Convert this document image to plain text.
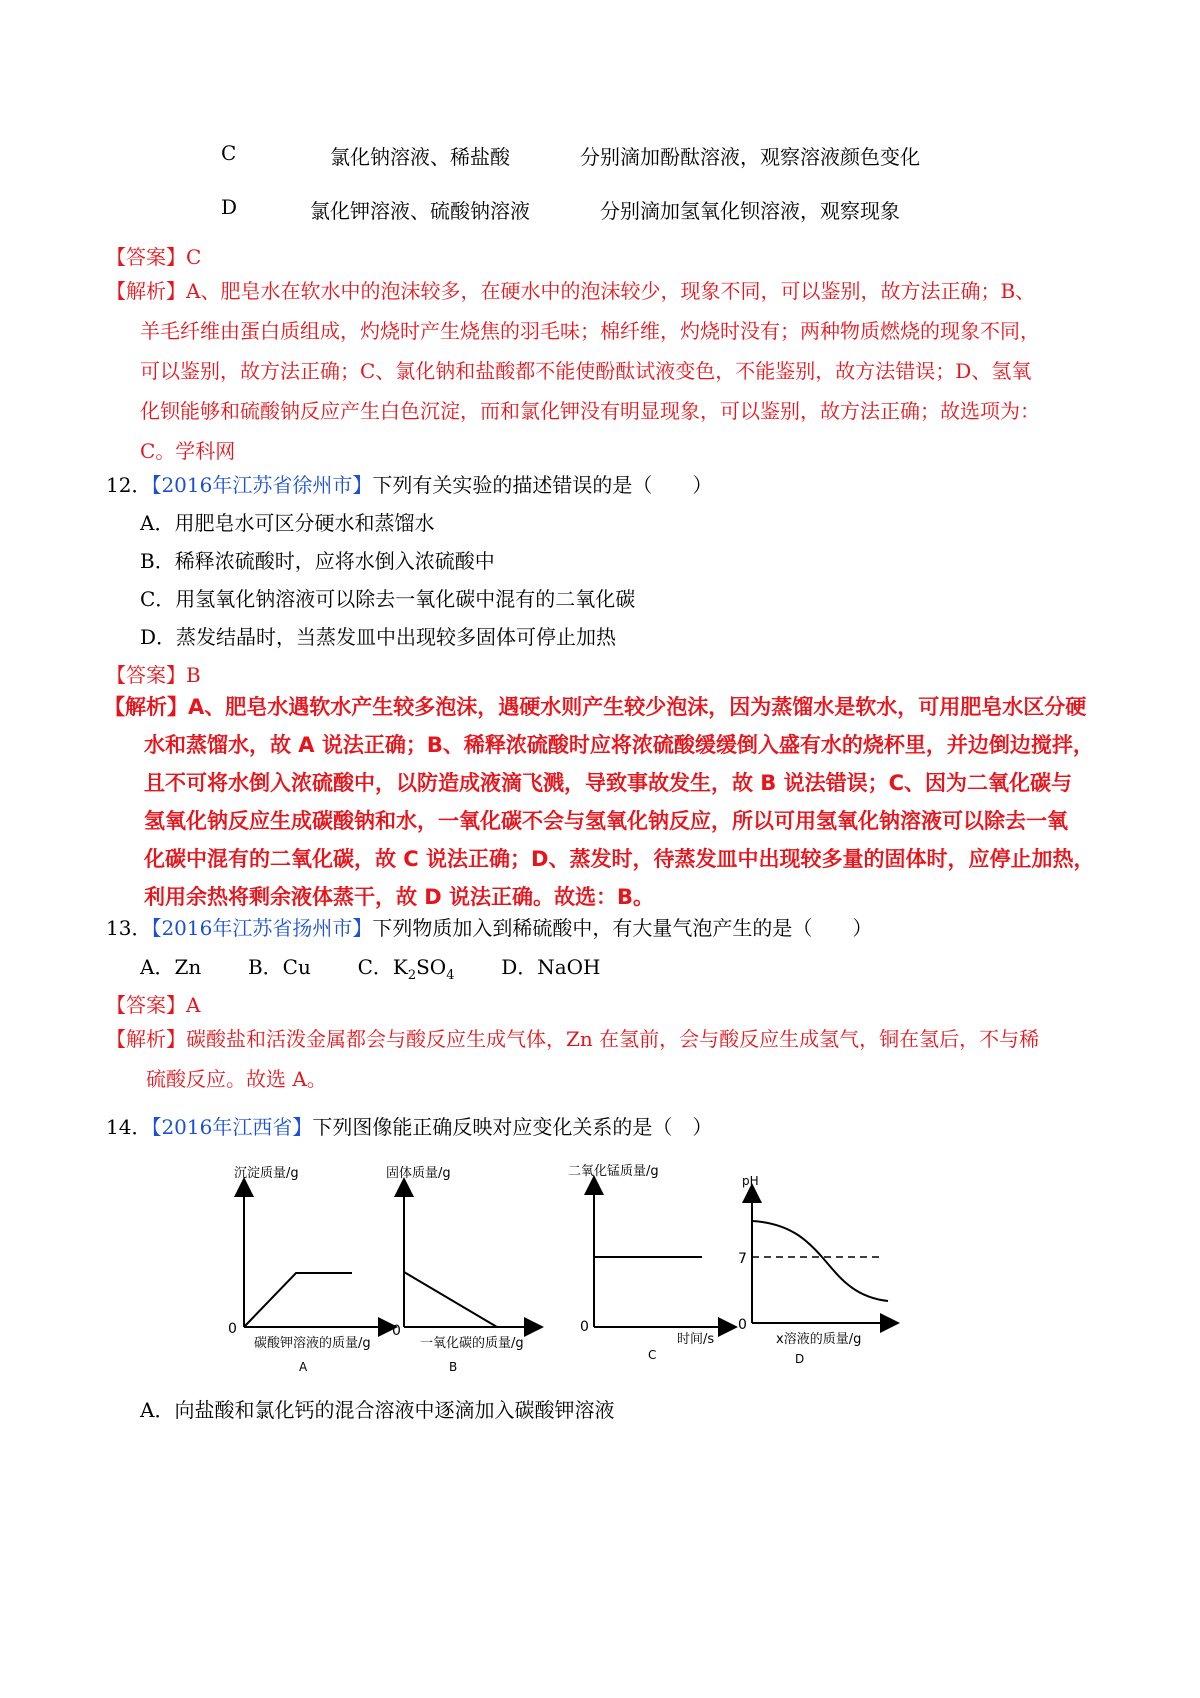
C	氯化钠溶液、稀盐酸	分别滴加酚酞溶液，观察溶液颜色变化
D	氯化钾溶液、硫酸钠溶液	分别滴加氢氧化钡溶液，观察现象
【答案】C
【解析】A、肥皂水在软水中的泡沫较多，在硬水中的泡沫较少，现象不同，可以鉴别，故方法正确；B、
羊毛纤维由蛋白质组成，灼烧时产生烧焦的羽毛味；棉纤维，灼烧时没有；两种物质燃烧的现象不同，
可以鉴别，故方法正确；C、氯化钠和盐酸都不能使酚酞试液变色，不能鉴别，故方法错误；D、氢氧
化钡能够和硫酸钠反应产生白色沉淀，而和氯化钾没有明显现象，可以鉴别，故方法正确；故选项为：
C。学科网
12．【2016年江苏省徐州市】下列有关实验的描述错误的是（　　）
A．用肥皂水可区分硬水和蒸馏水
B．稀释浓硫酸时，应将水倒入浓硫酸中
C．用氢氧化钠溶液可以除去一氧化碳中混有的二氧化碳
D．蒸发结晶时，当蒸发皿中出现较多固体可停止加热
【答案】B
【解析】A、肥皂水遇软水产生较多泡沫，遇硬水则产生较少泡沫，因为蒸馏水是软水，可用肥皂水区分硬
水和蒸馏水，故 A 说法正确；B、稀释浓硫酸时应将浓硫酸缓缓倒入盛有水的烧杯里，并边倒边搅拌，
且不可将水倒入浓硫酸中，以防造成液滴飞溅，导致事故发生，故 B 说法错误；C、因为二氧化碳与
氢氧化钠反应生成碳酸钠和水，一氧化碳不会与氢氧化钠反应，所以可用氢氧化钠溶液可以除去一氧
化碳中混有的二氧化碳，故 C 说法正确；D、蒸发时，待蒸发皿中出现较多量的固体时，应停止加热，
利用余热将剩余液体蒸干，故 D 说法正确。故选：B。
13．【2016年江苏省扬州市】下列物质加入到稀硫酸中，有大量气泡产生的是（　　）
A．Zn B．Cu C．$K_2SO_4$ D．NaOH
【答案】A
【解析】碳酸盐和活泼金属都会与酸反应生成气体，Zn 在氢前，会与酸反应生成氢气，铜在氢后，不与稀
硫酸反应。故选 A。
14．【2016年江西省】下列图像能正确反映对应变化关系的是（　）
沉淀质量/g
0
碳酸钾溶液的质量/g
A
固体质量/g
0
一氧化碳的质量/g
B
二氧化锰质量/g
0
时间/s
C
pH
7
0
x溶液的质量/g
D
A．向盐酸和氯化钙的混合溶液中逐滴加入碳酸钾溶液
